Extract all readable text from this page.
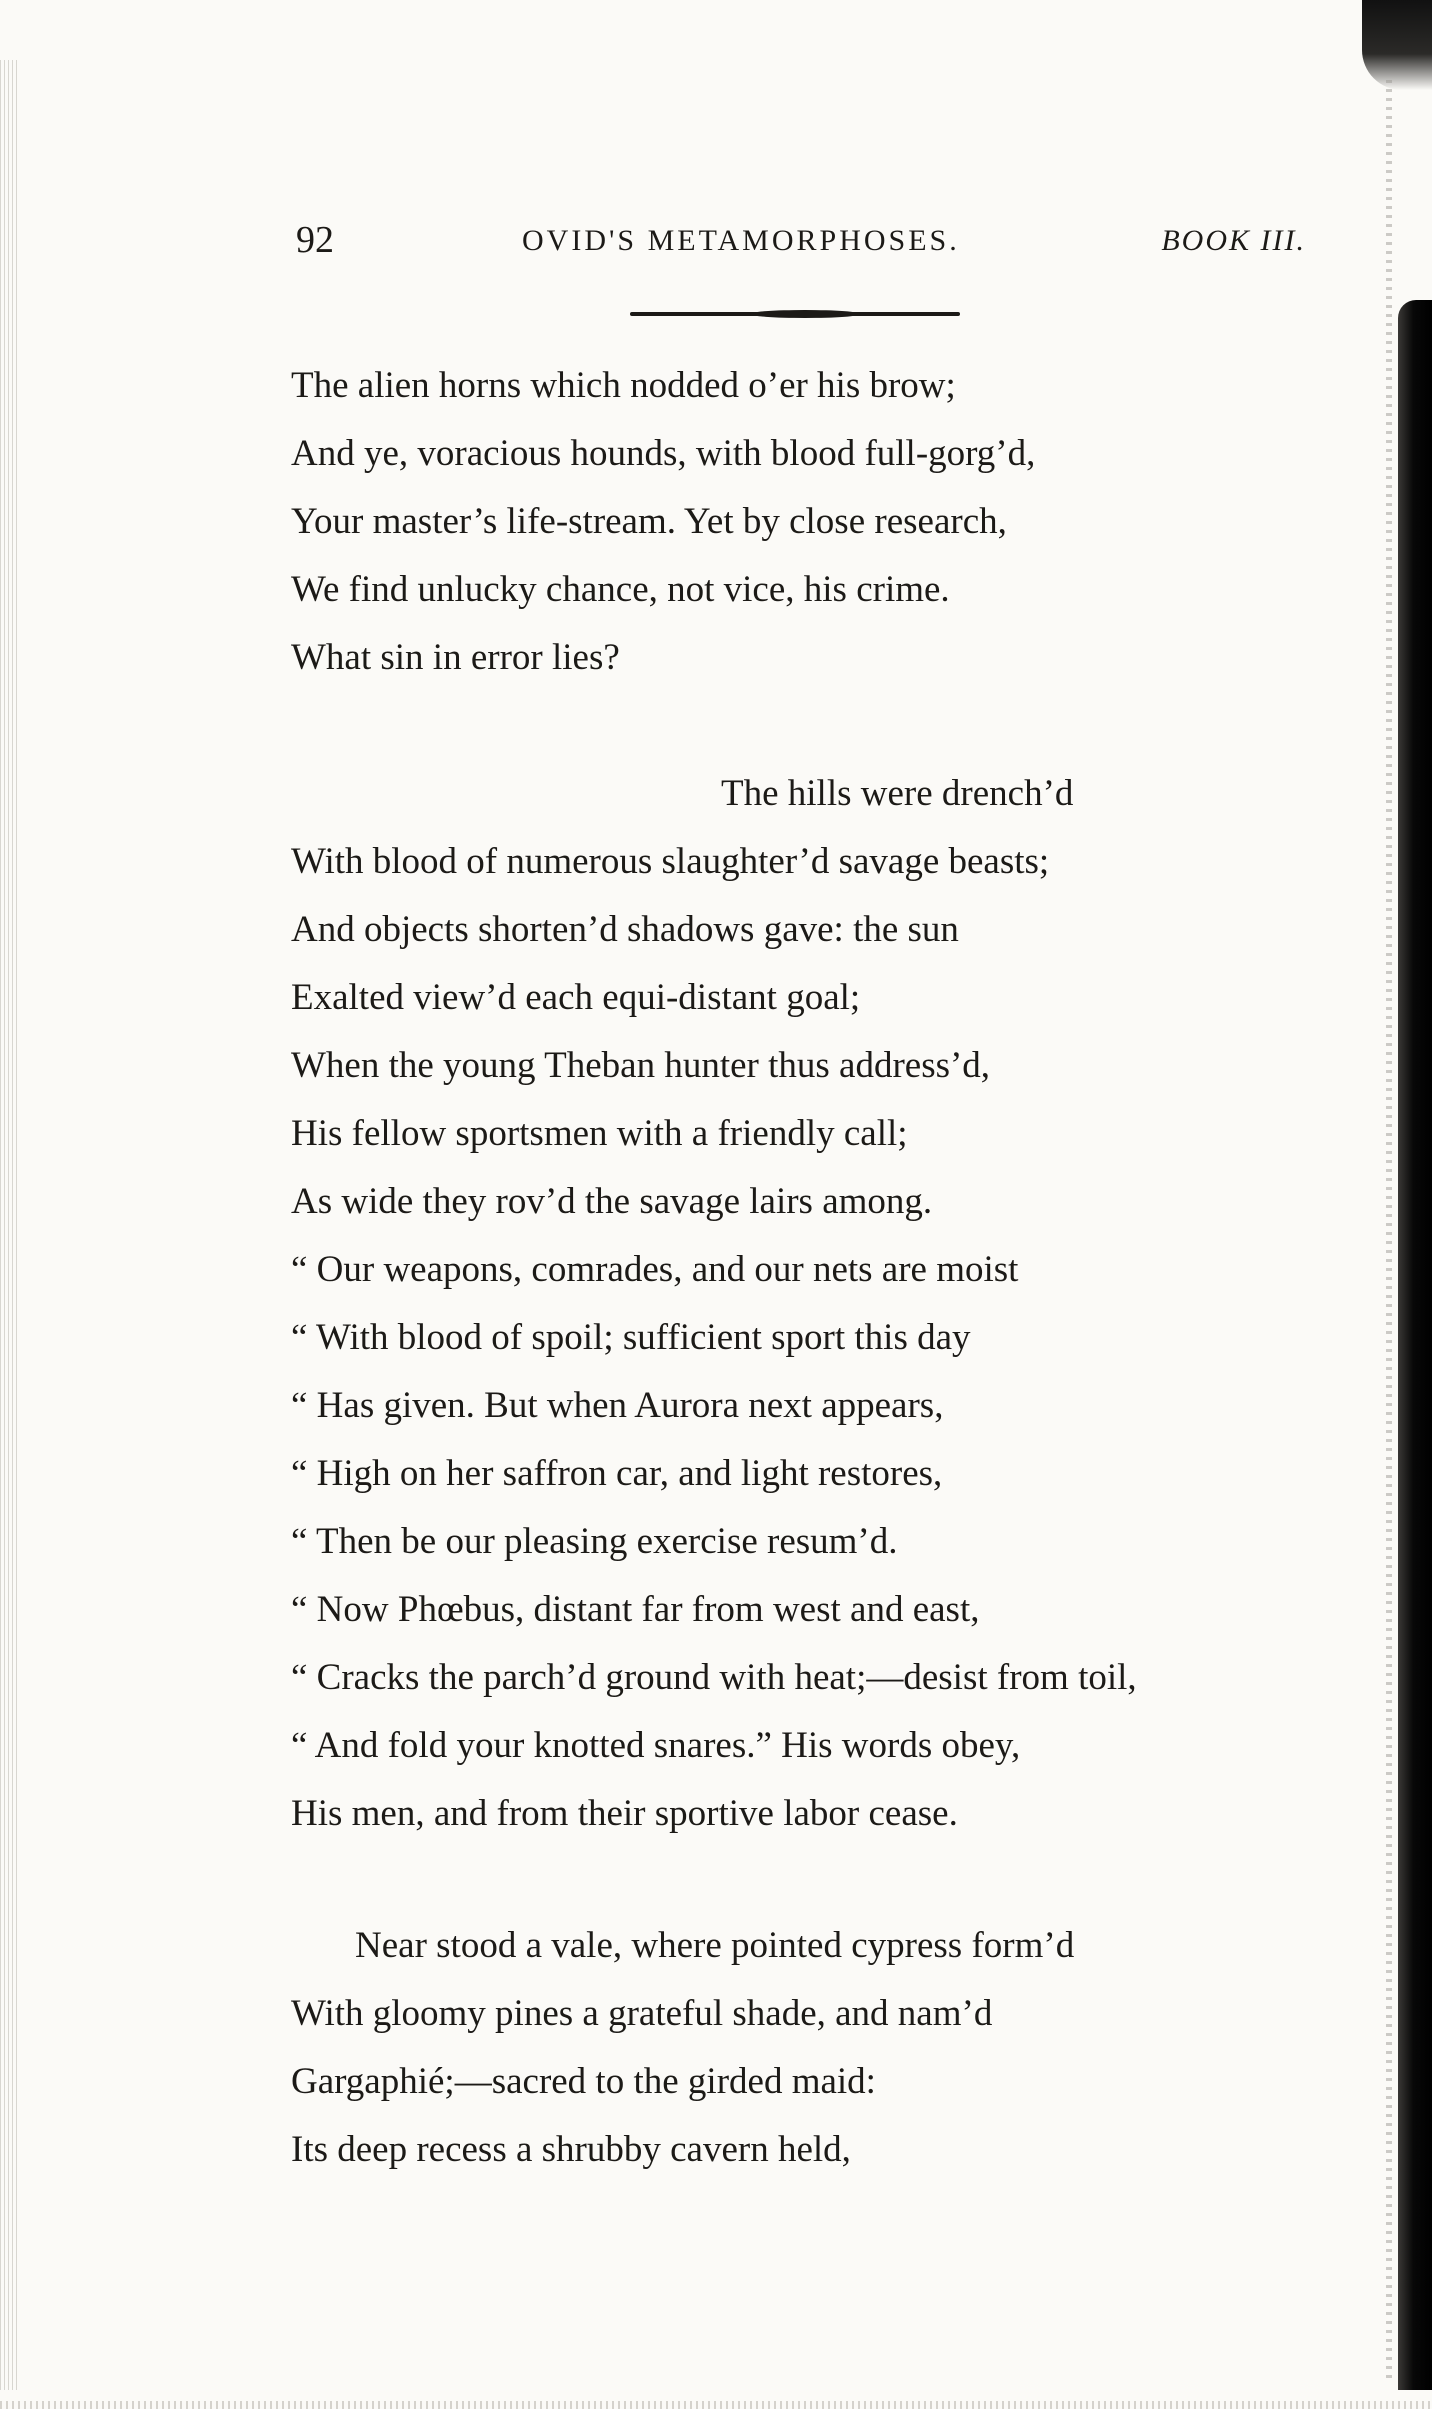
92	OVID'S METAMORPHOSES.	BOOK III.
The alien horns which nodded o’er his brow;
And ye, voracious hounds, with blood full-gorg’d,
Your master’s life-stream. Yet by close research,
We find unlucky chance, not vice, his crime.
What sin in error lies?
The hills were drench’d
With blood of numerous slaughter’d savage beasts;
And objects shorten’d shadows gave: the sun
Exalted view’d each equi-distant goal;
When the young Theban hunter thus address’d,
His fellow sportsmen with a friendly call;
As wide they rov’d the savage lairs among.
“ Our weapons, comrades, and our nets are moist
“ With blood of spoil; sufficient sport this day
“ Has given. But when Aurora next appears,
“ High on her saffron car, and light restores,
“ Then be our pleasing exercise resum’d.
“ Now Phœbus, distant far from west and east,
“ Cracks the parch’d ground with heat;—desist from toil,
“ And fold your knotted snares.” His words obey,
His men, and from their sportive labor cease.
Near stood a vale, where pointed cypress form’d
With gloomy pines a grateful shade, and nam’d
Gargaphié;—sacred to the girded maid:
Its deep recess a shrubby cavern held,
